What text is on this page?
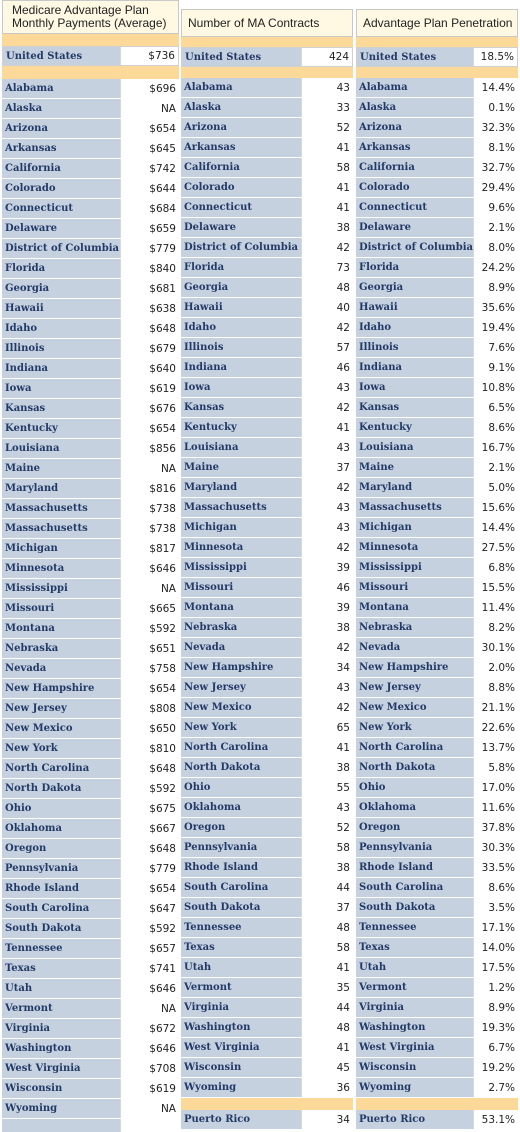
Medicare Advantage Plan
Monthly Payments (Average)
United States	$736
Alabama	$696
Alaska	NA
Arizona	$654
Arkansas	$645
California	$742
Colorado	$644
Connecticut	$684
Delaware	$659
District of Columbia	$779
Florida	$840
Georgia	$681
Hawaii	$638
Idaho	$648
Illinois	$679
Indiana	$640
Iowa	$619
Kansas	$676
Kentucky	$654
Louisiana	$856
Maine	NA
Maryland	$816
Massachusetts	$738
Massachusetts	$738
Michigan	$817
Minnesota	$646
Mississippi	NA
Missouri	$665
Montana	$592
Nebraska	$651
Nevada	$758
New Hampshire	$654
New Jersey	$808
New Mexico	$650
New York	$810
North Carolina	$648
North Dakota	$592
Ohio	$675
Oklahoma	$667
Oregon	$648
Pennsylvania	$779
Rhode Island	$654
South Carolina	$647
South Dakota	$592
Tennessee	$657
Texas	$741
Utah	$646
Vermont	NA
Virginia	$672
Washington	$646
West Virginia	$708
Wisconsin	$619
Wyoming	NA
Number of MA Contracts
United States	424
Alabama	43
Alaska	33
Arizona	52
Arkansas	41
California	58
Colorado	41
Connecticut	41
Delaware	38
District of Columbia	42
Florida	73
Georgia	48
Hawaii	40
Idaho	42
Illinois	57
Indiana	46
Iowa	43
Kansas	42
Kentucky	41
Louisiana	43
Maine	37
Maryland	42
Massachusetts	43
Michigan	43
Minnesota	42
Mississippi	39
Missouri	46
Montana	39
Nebraska	38
Nevada	42
New Hampshire	34
New Jersey	43
New Mexico	42
New York	65
North Carolina	41
North Dakota	38
Ohio	55
Oklahoma	43
Oregon	52
Pennsylvania	58
Rhode Island	38
South Carolina	44
South Dakota	37
Tennessee	48
Texas	58
Utah	41
Vermont	35
Virginia	44
Washington	48
West Virginia	41
Wisconsin	45
Wyoming	36
Puerto Rico	34
Advantage Plan Penetration
United States	18.5%
Alabama	14.4%
Alaska	0.1%
Arizona	32.3%
Arkansas	8.1%
California	32.7%
Colorado	29.4%
Connecticut	9.6%
Delaware	2.1%
District of Columbia	8.0%
Florida	24.2%
Georgia	8.9%
Hawaii	35.6%
Idaho	19.4%
Illinois	7.6%
Indiana	9.1%
Iowa	10.8%
Kansas	6.5%
Kentucky	8.6%
Louisiana	16.7%
Maine	2.1%
Maryland	5.0%
Massachusetts	15.6%
Michigan	14.4%
Minnesota	27.5%
Mississippi	6.8%
Missouri	15.5%
Montana	11.4%
Nebraska	8.2%
Nevada	30.1%
New Hampshire	2.0%
New Jersey	8.8%
New Mexico	21.1%
New York	22.6%
North Carolina	13.7%
North Dakota	5.8%
Ohio	17.0%
Oklahoma	11.6%
Oregon	37.8%
Pennsylvania	30.3%
Rhode Island	33.5%
South Carolina	8.6%
South Dakota	3.5%
Tennessee	17.1%
Texas	14.0%
Utah	17.5%
Vermont	1.2%
Virginia	8.9%
Washington	19.3%
West Virginia	6.7%
Wisconsin	19.2%
Wyoming	2.7%
Puerto Rico	53.1%
